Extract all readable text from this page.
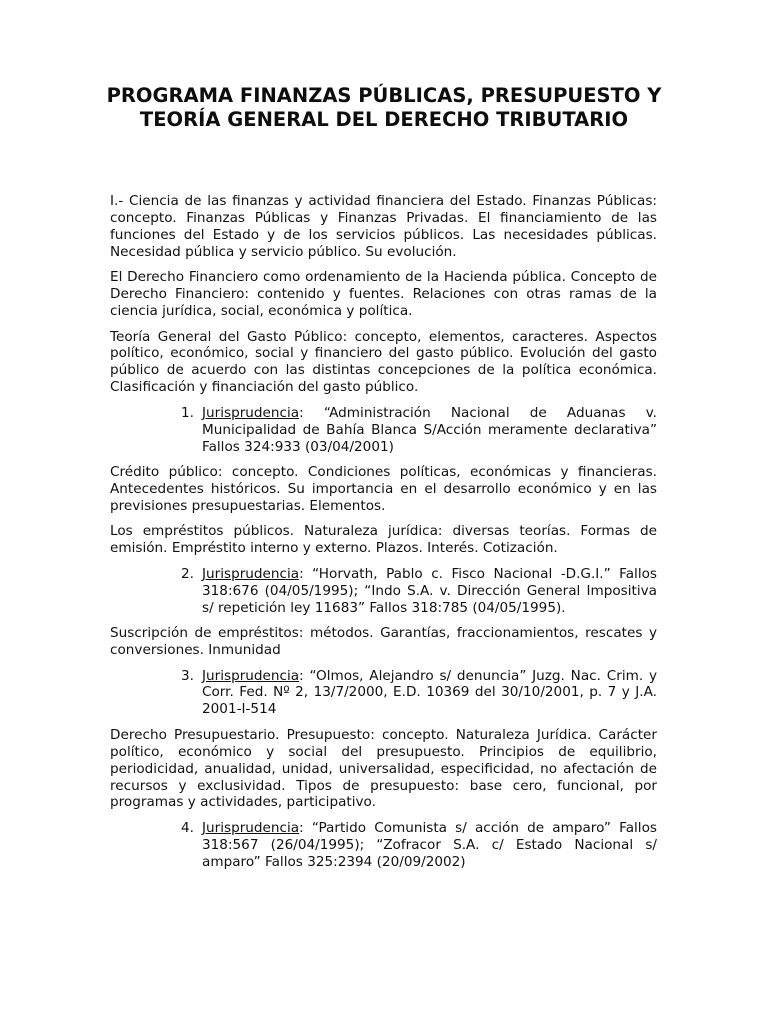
PROGRAMA FINANZAS PÚBLICAS, PRESUPUESTO Y TEORÍA GENERAL DEL DERECHO TRIBUTARIO

I.- Ciencia de las finanzas y actividad financiera del Estado. Finanzas Públicas: concepto. Finanzas Públicas y Finanzas Privadas. El financiamiento de las funciones del Estado y de los servicios públicos. Las necesidades públicas. Necesidad pública y servicio público. Su evolución.

El Derecho Financiero como ordenamiento de la Hacienda pública. Concepto de Derecho Financiero: contenido y fuentes. Relaciones con otras ramas de la ciencia jurídica, social, económica y política.

Teoría General del Gasto Público: concepto, elementos, caracteres. Aspectos político, económico, social y financiero del gasto público. Evolución del gasto público de acuerdo con las distintas concepciones de la política económica. Clasificación y financiación del gasto público.

1. Jurisprudencia: “Administración Nacional de Aduanas v. Municipalidad de Bahía Blanca S/Acción meramente declarativa” Fallos 324:933 (03/04/2001)

Crédito público: concepto. Condiciones políticas, económicas y financieras. Antecedentes históricos. Su importancia en el desarrollo económico y en las previsiones presupuestarias. Elementos.

Los empréstitos públicos. Naturaleza jurídica: diversas teorías. Formas de emisión. Empréstito interno y externo. Plazos. Interés. Cotización.

2. Jurisprudencia: “Horvath, Pablo c. Fisco Nacional -D.G.I.” Fallos 318:676 (04/05/1995); “Indo S.A. v. Dirección General Impositiva s/ repetición ley 11683” Fallos 318:785 (04/05/1995).

Suscripción de empréstitos: métodos. Garantías, fraccionamientos, rescates y conversiones. Inmunidad

3. Jurisprudencia: “Olmos, Alejandro s/ denuncia” Juzg. Nac. Crim. y Corr. Fed. Nº 2, 13/7/2000, E.D. 10369 del 30/10/2001, p. 7 y J.A. 2001-I-514

Derecho Presupuestario. Presupuesto: concepto. Naturaleza Jurídica. Carácter político, económico y social del presupuesto. Principios de equilibrio, periodicidad, anualidad, unidad, universalidad, especificidad, no afectación de recursos y exclusividad. Tipos de presupuesto: base cero, funcional, por programas y actividades, participativo.

4. Jurisprudencia: “Partido Comunista s/ acción de amparo” Fallos 318:567 (26/04/1995); “Zofracor S.A. c/ Estado Nacional s/ amparo” Fallos 325:2394 (20/09/2002)
